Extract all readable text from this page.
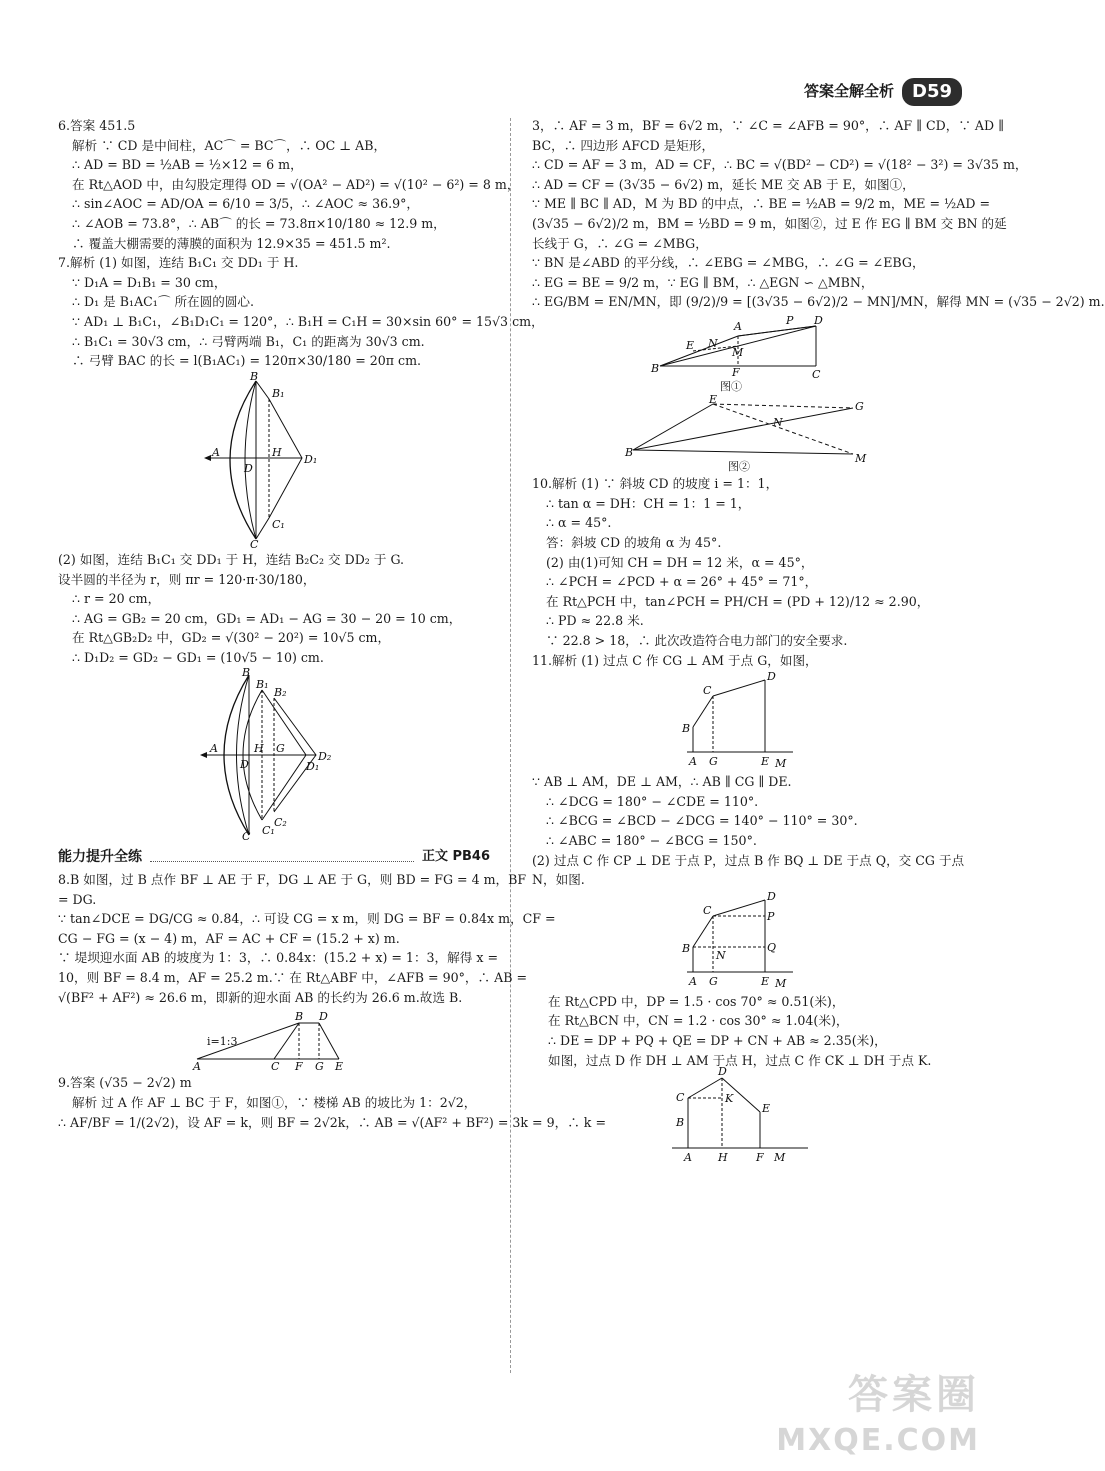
答案全解全析	D59
6.答案 451.5
解析 ∵ CD 是中间柱，AC⌒ = BC⌒，∴ OC ⊥ AB，
∴ AD = BD = ½AB = ½×12 = 6 m，
在 Rt△AOD 中，由勾股定理得 OD = √(OA² − AD²) = √(10² − 6²) = 8 m，
∴ sin∠AOC = AD/OA = 6/10 = 3/5，∴ ∠AOC ≈ 36.9°，
∴ ∠AOB = 73.8°，∴ AB⌒ 的长 = 73.8π×10/180 ≈ 12.9 m，
∴ 覆盖大棚需要的薄膜的面积为 12.9×35 = 451.5 m².
7.解析 (1) 如图，连结 B₁C₁ 交 DD₁ 于 H.
∵ D₁A = D₁B₁ = 30 cm，
∴ D₁ 是 B₁AC₁⌒ 所在圆的圆心.
∵ AD₁ ⊥ B₁C₁，∠B₁D₁C₁ = 120°，∴ B₁H = C₁H = 30×sin 60° = 15√3 cm，
∴ B₁C₁ = 30√3 cm，∴ 弓臂两端 B₁，C₁ 的距离为 30√3 cm.
∴ 弓臂 BAC 的长 = l(B₁AC₁) = 120π×30/180 = 20π cm.
B
B₁
A
D
H
D₁
C₁
C
(2) 如图，连结 B₁C₁ 交 DD₁ 于 H，连结 B₂C₂ 交 DD₂ 于 G.
设半圆的半径为 r，则 πr = 120·π·30/180，
∴ r = 20 cm，
∴ AG = GB₂ = 20 cm，GD₁ = AD₁ − AG = 30 − 20 = 10 cm，
在 Rt△GB₂D₂ 中，GD₂ = √(30² − 20²) = 10√5 cm，
∴ D₁D₂ = GD₂ − GD₁ = (10√5 − 10) cm.
B
B₁
B₂
A
D
H G
D₁
D₂
C₂
C₁
C
能力提升全练	正文 PB46
8.B 如图，过 B 点作 BF ⊥ AE 于 F，DG ⊥ AE 于 G，则 BD = FG = 4 m，BF
= DG.
∵ tan∠DCE = DG/CG ≈ 0.84，∴ 可设 CG = x m，则 DG = BF = 0.84x m，CF =
CG − FG = (x − 4) m，AF = AC + CF = (15.2 + x) m.
∵ 堤坝迎水面 AB 的坡度为 1：3，∴ 0.84x：(15.2 + x) = 1：3，解得 x =
10，则 BF = 8.4 m，AF = 25.2 m.∵ 在 Rt△ABF 中，∠AFB = 90°，∴ AB =
√(BF² + AF²) ≈ 26.6 m，即新的迎水面 AB 的长约为 26.6 m.故选 B.
B D
i=1:3
A	C F G E
9.答案 (√35 − 2√2) m
解析 过 A 作 AF ⊥ BC 于 F，如图①，∵ 楼梯 AB 的坡比为 1：2√2，
∴ AF/BF = 1/(2√2)，设 AF = k，则 BF = 2√2k，∴ AB = √(AF² + BF²) = 3k = 9，∴ k =
3，∴ AF = 3 m，BF = 6√2 m，∵ ∠C = ∠AFB = 90°，∴ AF ∥ CD，∵ AD ∥
BC，∴ 四边形 AFCD 是矩形，
∴ CD = AF = 3 m，AD = CF，∴ BC = √(BD² − CD²) = √(18² − 3²) = 3√35 m，
∴ AD = CF = (3√35 − 6√2) m，延长 ME 交 AB 于 E，如图①，
∵ ME ∥ BC ∥ AD，M 为 BD 的中点，∴ BE = ½AB = 9/2 m，ME = ½AD =
(3√35 − 6√2)/2 m，BM = ½BD = 9 m，如图②，过 E 作 EG ∥ BM 交 BN 的延
长线于 G，∴ ∠G = ∠MBG，
∵ BN 是∠ABD 的平分线，∴ ∠EBG = ∠MBG，∴ ∠G = ∠EBG，
∴ EG = BE = 9/2 m，∵ EG ∥ BM，∴ △EGN ∽ △MBN，
∴ EG/BM = EN/MN，即 (9/2)/9 = [(3√35 − 6√2)/2 − MN]/MN，解得 MN = (√35 − 2√2) m.
B
E N
A	P D
M
F	C
图①
E
G
N
B	M
图②
10.解析 (1) ∵ 斜坡 CD 的坡度 i = 1：1，
∴ tan α = DH：CH = 1：1 = 1，
∴ α = 45°.
答：斜坡 CD 的坡角 α 为 45°.
(2) 由(1)可知 CH = DH = 12 米，α = 45°，
∴ ∠PCH = ∠PCD + α = 26° + 45° = 71°，
在 Rt△PCH 中，tan∠PCH = PH/CH = (PD + 12)/12 ≈ 2.90，
∴ PD ≈ 22.8 米.
∵ 22.8 > 18，∴ 此次改造符合电力部门的安全要求.
11.解析 (1) 过点 C 作 CG ⊥ AM 于点 G，如图，
B
C
D
A G	E M
∵ AB ⊥ AM，DE ⊥ AM，∴ AB ∥ CG ∥ DE.
∴ ∠DCG = 180° − ∠CDE = 110°.
∴ ∠BCG = ∠BCD − ∠DCG = 140° − 110° = 30°.
∴ ∠ABC = 180° − ∠BCG = 150°.
(2) 过点 C 作 CP ⊥ DE 于点 P，过点 B 作 BQ ⊥ DE 于点 Q，交 CG 于点
N，如图.
B
C
D
P
Q
N
A G	E M
在 Rt△CPD 中，DP = 1.5 · cos 70° ≈ 0.51(米)，
在 Rt△BCN 中，CN = 1.2 · cos 30° ≈ 1.04(米)，
∴ DE = DP + PQ + QE = DP + CN + AB ≈ 2.35(米)，
如图，过点 D 作 DH ⊥ AM 于点 H，过点 C 作 CK ⊥ DH 于点 K.
C
D
K
B
E
A H	F M
答案圈
MXQE.COM
